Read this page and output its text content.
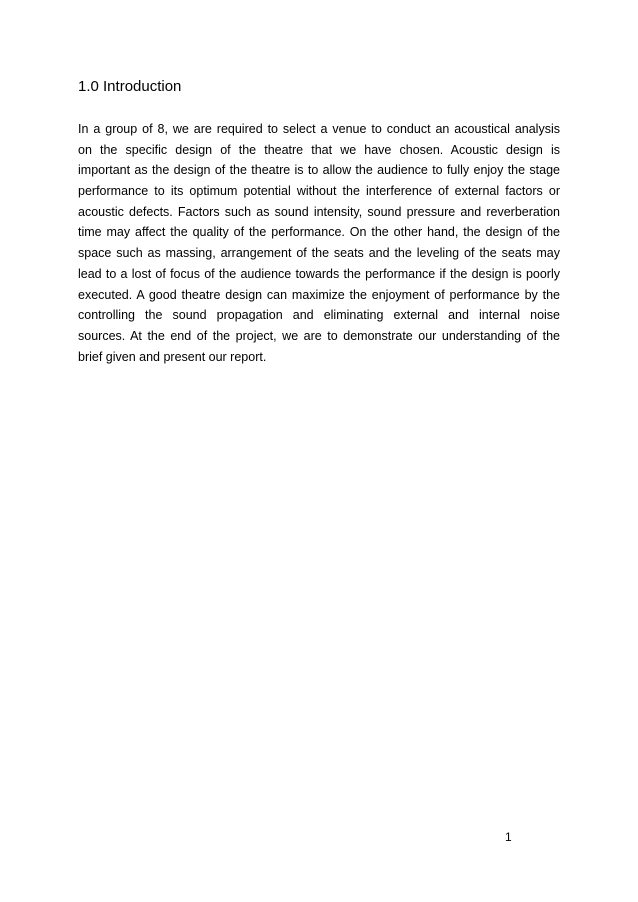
1.0 Introduction
In a group of 8, we are required to select a venue to conduct an acoustical analysis
on the specific design of the theatre that we have chosen. Acoustic design is
important as the design of the theatre is to allow the audience to fully enjoy the stage
performance to its optimum potential without the interference of external factors or
acoustic defects. Factors such as sound intensity, sound pressure and reverberation
time may affect the quality of the performance. On the other hand, the design of the
space such as massing, arrangement of the seats and the leveling of the seats may
lead to a lost of focus of the audience towards the performance if the design is poorly
executed. A good theatre design can maximize the enjoyment of performance by the
controlling the sound propagation and eliminating external and internal noise
sources. At the end of the project, we are to demonstrate our understanding of the
brief given and present our report.
1
